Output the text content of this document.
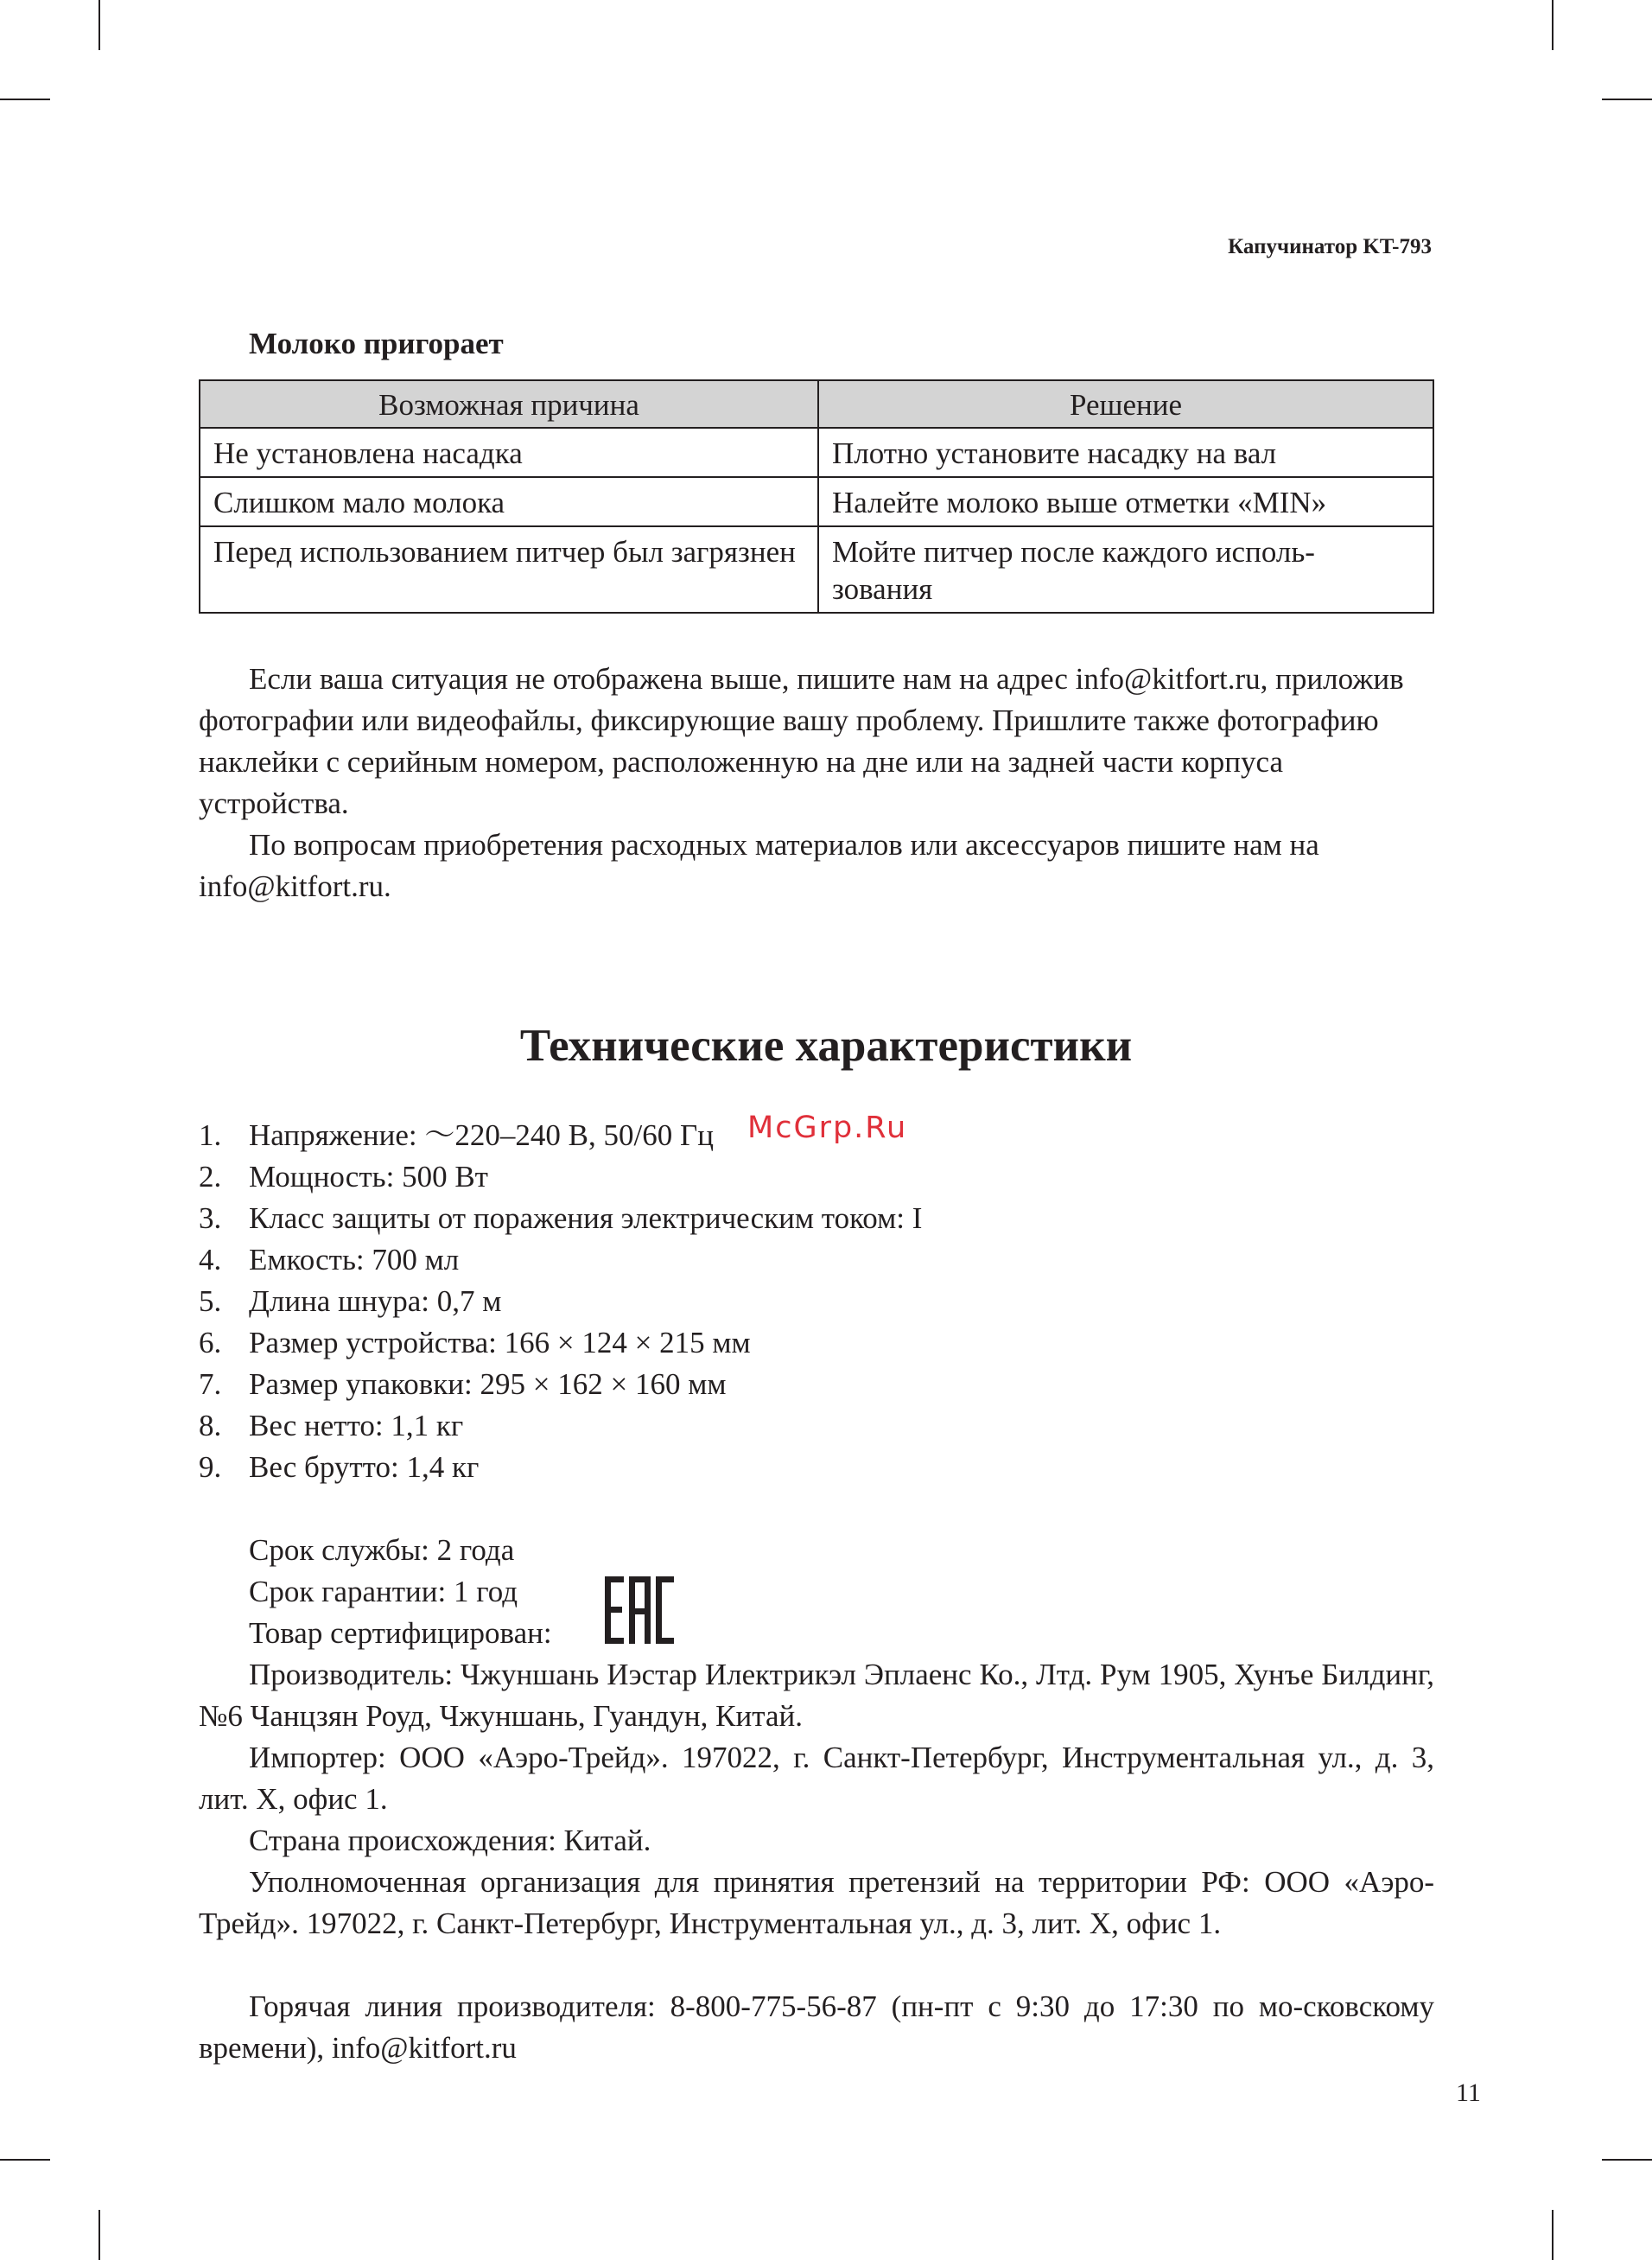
Капучинатор KT-793
Молоко пригорает
Возможная причина	Решение
Не установлена насадка	Плотно установите насадку на вал
Слишком мало молока	Налейте молоко выше отметки «MIN»
Перед использованием питчер был загрязнен	Мойте питчер после каждого исполь-
зования

Если ваша ситуация не отображена выше, пишите нам на адрес info@kitfort.ru, приложив фотографии или видеофайлы, фиксирующие вашу проблему. Пришлите также фотографию наклейки с серийным номером, расположенную на дне или на задней части корпуса устройства.

По вопросам приобретения расходных материалов или аксессуаров пишите нам на info@kitfort.ru.

Технические характеристики
1. Напряжение: ～220–240 В, 50/60 Гц
2. Мощность: 500 Вт
3. Класс защиты от поражения электрическим током: I
4. Емкость: 700 мл
5. Длина шнура: 0,7 м
6. Размер устройства: 166 × 124 × 215 мм
7. Размер упаковки: 295 × 162 × 160 мм
8. Вес нетто: 1,1 кг
9. Вес брутто: 1,4 кг
McGrp.Ru
Срок службы: 2 года
Срок гарантии: 1 год
Товар сертифицирован:

Производитель: Чжуншань Иэстар Илектрикэл Эплаенс Ко., Лтд. Рум 1905, Хунъе Билдинг, №6 Чанцзян Роуд, Чжуншань, Гуандун, Китай.

Импортер: ООО «Аэро-Трейд». 197022, г. Санкт-Петербург, Инструментальная ул., д. 3, лит. Х, офис 1.

Страна происхождения: Китай.

Уполномоченная организация для принятия претензий на территории РФ: ООО «Аэро-Трейд». 197022, г. Санкт-Петербург, Инструментальная ул., д. 3, лит. Х, офис 1.

Горячая линия производителя: 8-800-775-56-87 (пн-пт с 9:30 до 17:30 по мо-сковскому времени), info@kitfort.ru

11
